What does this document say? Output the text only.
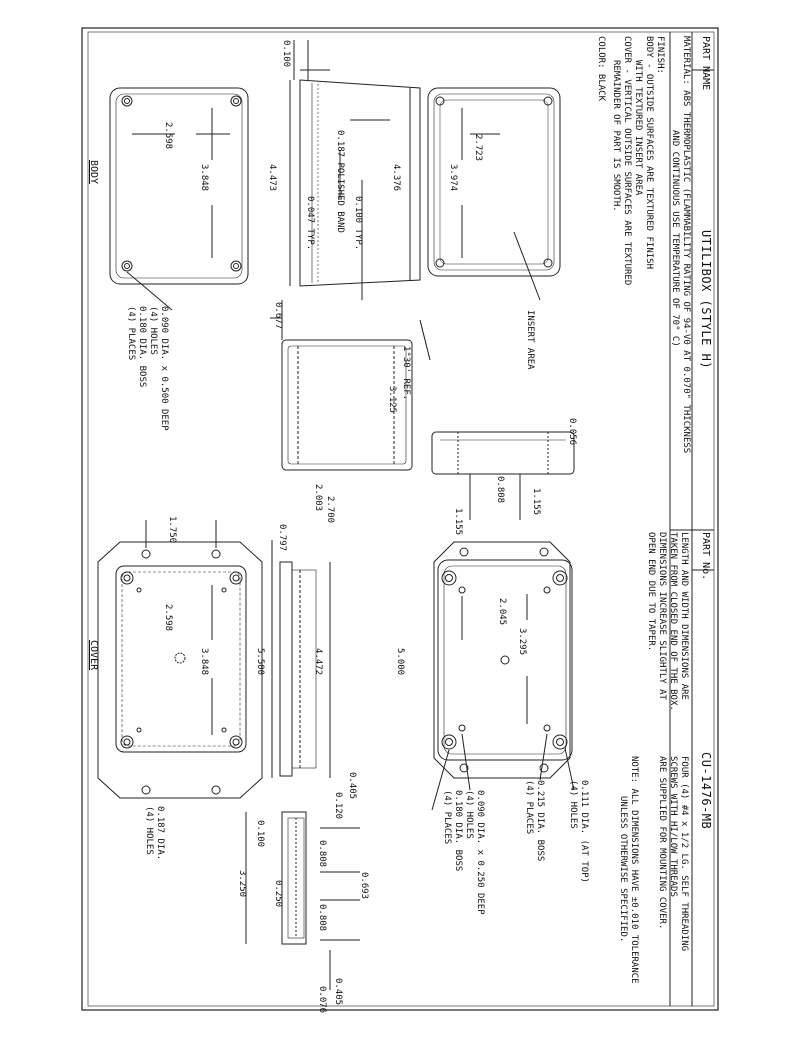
PART NAME
UTILIBOX (STYLE H)
PART No.
CU-1476-MB
MATERIAL: ABS THERMOPLASTIC (FLAMMABILITY RATING OF 94-V0 AT 0.070" THICKNESS
AND CONTINUOUS USE TEMPERATURE OF 70° C)
FINISH:
BODY - OUTSIDE SURFACES ARE TEXTURED FINISH
WITH TEXTURED INSERT AREA
COVER - VERTICAL OUTSIDE SURFACES ARE TEXTURED
REMAINDER OF PART IS SMOOTH.
COLOR: BLACK
LENGTH AND WIDTH DIMENSIONS ARE
TAKEN FROM CLOSED END OF THE BOX.
DIMENSIONS INCREASE SLIGHTLY AT
OPEN END DUE TO TAPER.
FOUR (4) #4 x 1/2 LG. SELF THREADING
SCREWS WITH HI/LOW THREADS
ARE SUPPLIED FOR MOUNTING COVER.
NOTE: ALL DIMENSIONS HAVE ±0.010 TOLERANCE
UNLESS OTHERWISE SPECIFIED.
BODY
COVER
0.100
0.187 POLISHED BAND 0.100 TYP.
0.047 TYP.
4.473	4.376
2.598
3.848
2.723
3.974
0.677
1°30' REF.
3.125
2.003 2.700
0.056
0.808	1.155
1.155
0.797
1.750
2.598
3.848	5.500	4.472
2.045
3.295
5.000
0.405
0.120
0.808
0.693
0.808
0.100
0.250
3.250
0.405
0.076
INSERT AREA
0.090 DIA. x 0.500 DEEP
(4) HOLES
0.180 DIA. BOSS
(4) PLACES
0.187 DIA.
(4) HOLES	0.215 DIA. BOSS
(4) PLACES
0.090 DIA. x 0.250 DEEP
(4) HOLES
0.180 DIA. BOSS
(4) PLACES	0.111 DIA. (AT TOP)
(4) HOLES
